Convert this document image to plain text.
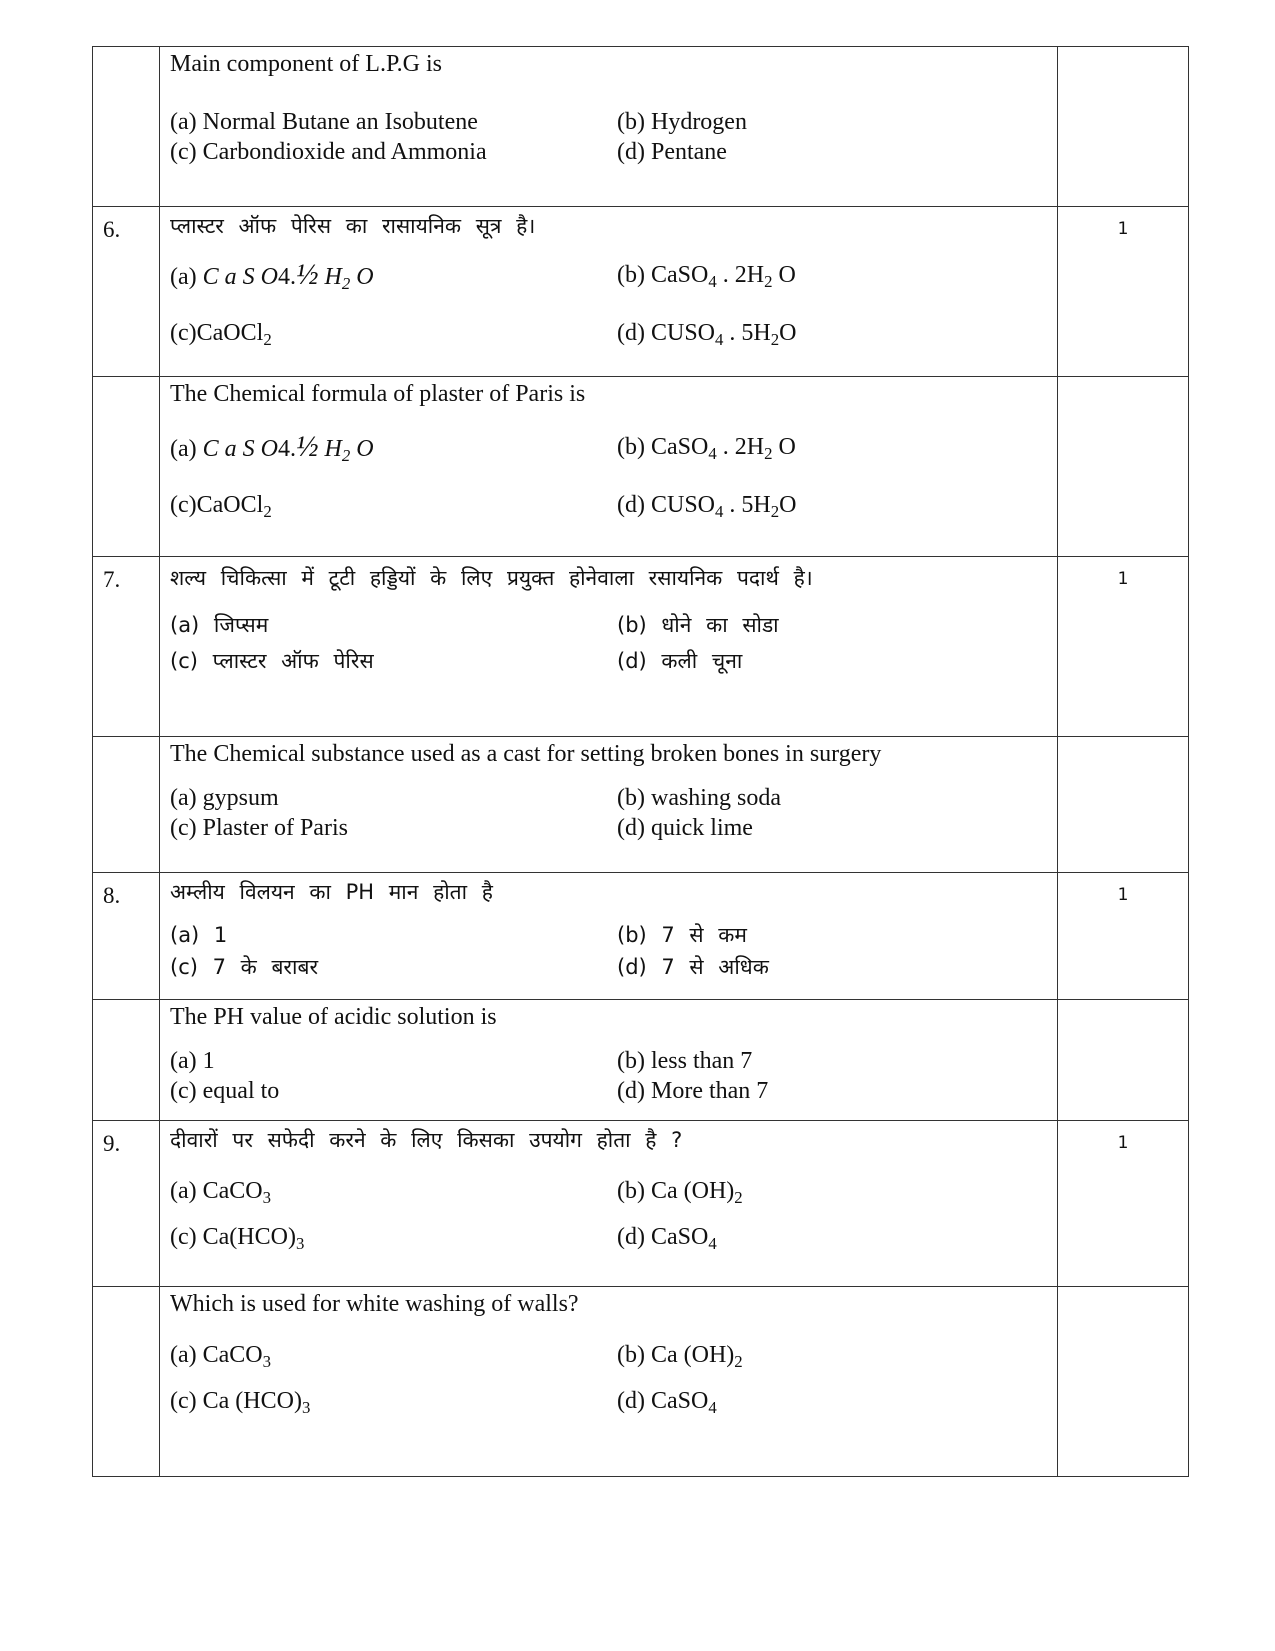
	Main component of L.P.G is
(a) Normal Butane an Isobutene (b) Hydrogen
(c) Carbondioxide and Ammonia (d) Pentane	

6.	प्लास्टर ऑफ पेरिस का रासायनिक सूत्र है।
(a) C a S O4.½ $H_2$ O (b) CaSO$_4$ . $2H_2$ O
(c)CaOCl$_2$ (d) $CUSO_4$ . $5H_2O$	1

	The Chemical formula of plaster of Paris is
(a) C a S O4.½ $H_2$ O (b) CaSO$_4$ . $2H_2$ O
(c)CaOCl$_2$ (d) $CUSO_4$ . $5H_2O$	

7.	शल्य चिकित्सा में टूटी हड्डियों के लिए प्रयुक्त होनेवाला रसायनिक पदार्थ है।
(a) जिप्सम (b) धोने का सोडा
(c) प्लास्टर ऑफ पेरिस (d) कली चूना	1

	The Chemical substance used as a cast for setting broken bones in surgery
(a) gypsum (b) washing soda
(c) Plaster of Paris (d) quick lime	

8.	अम्लीय विलयन का PH मान होता है
(a) 1 (b) 7 से कम
(c) 7 के बराबर (d) 7 से अधिक	1

	The PH value of acidic solution is
(a) 1 (b) less than 7
(c) equal to (d) More than 7	

9.	दीवारों पर सफेदी करने के लिए किसका उपयोग होता है ?
(a) CaCO$_3$ (b) Ca $(OH)_2$
(c) $Ca(HCO)_3$ (d) CaSO$_4$	1

	Which is used for white washing of walls?
(a) CaCO$_3$ (b) Ca $(OH)_2$
(c) Ca $(HCO)_3$ (d) CaSO$_4$
